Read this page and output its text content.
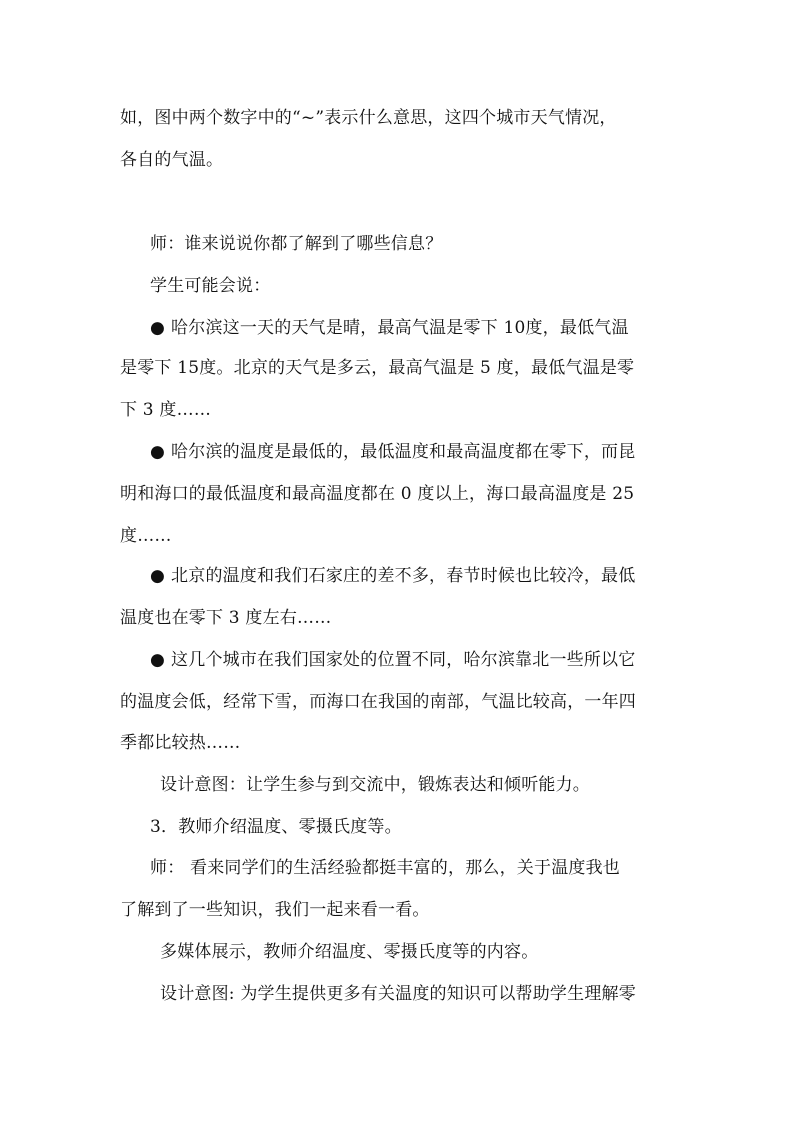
如，图中两个数字中的“~”表示什么意思，这四个城市天气情况，
各自的气温。
师：谁来说说你都了解到了哪些信息？
学生可能会说：
● 哈尔滨这一天的天气是晴，最高气温是零下 10度，最低气温
是零下 15度。北京的天气是多云，最高气温是 5 度，最低气温是零
下 3 度……
● 哈尔滨的温度是最低的，最低温度和最高温度都在零下，而昆
明和海口的最低温度和最高温度都在 0 度以上，海口最高温度是 25
度……
● 北京的温度和我们石家庄的差不多，春节时候也比较冷，最低
温度也在零下 3 度左右……
● 这几个城市在我们国家处的位置不同，哈尔滨靠北一些所以它
的温度会低，经常下雪，而海口在我国的南部，气温比较高，一年四
季都比较热……
设计意图：让学生参与到交流中，锻炼表达和倾听能力。
3．教师介绍温度、零摄氏度等。
师： 看来同学们的生活经验都挺丰富的，那么，关于温度我也
了解到了一些知识，我们一起来看一看。
多媒体展示，教师介绍温度、零摄氏度等的内容。
设计意图: 为学生提供更多有关温度的知识可以帮助学生理解零
